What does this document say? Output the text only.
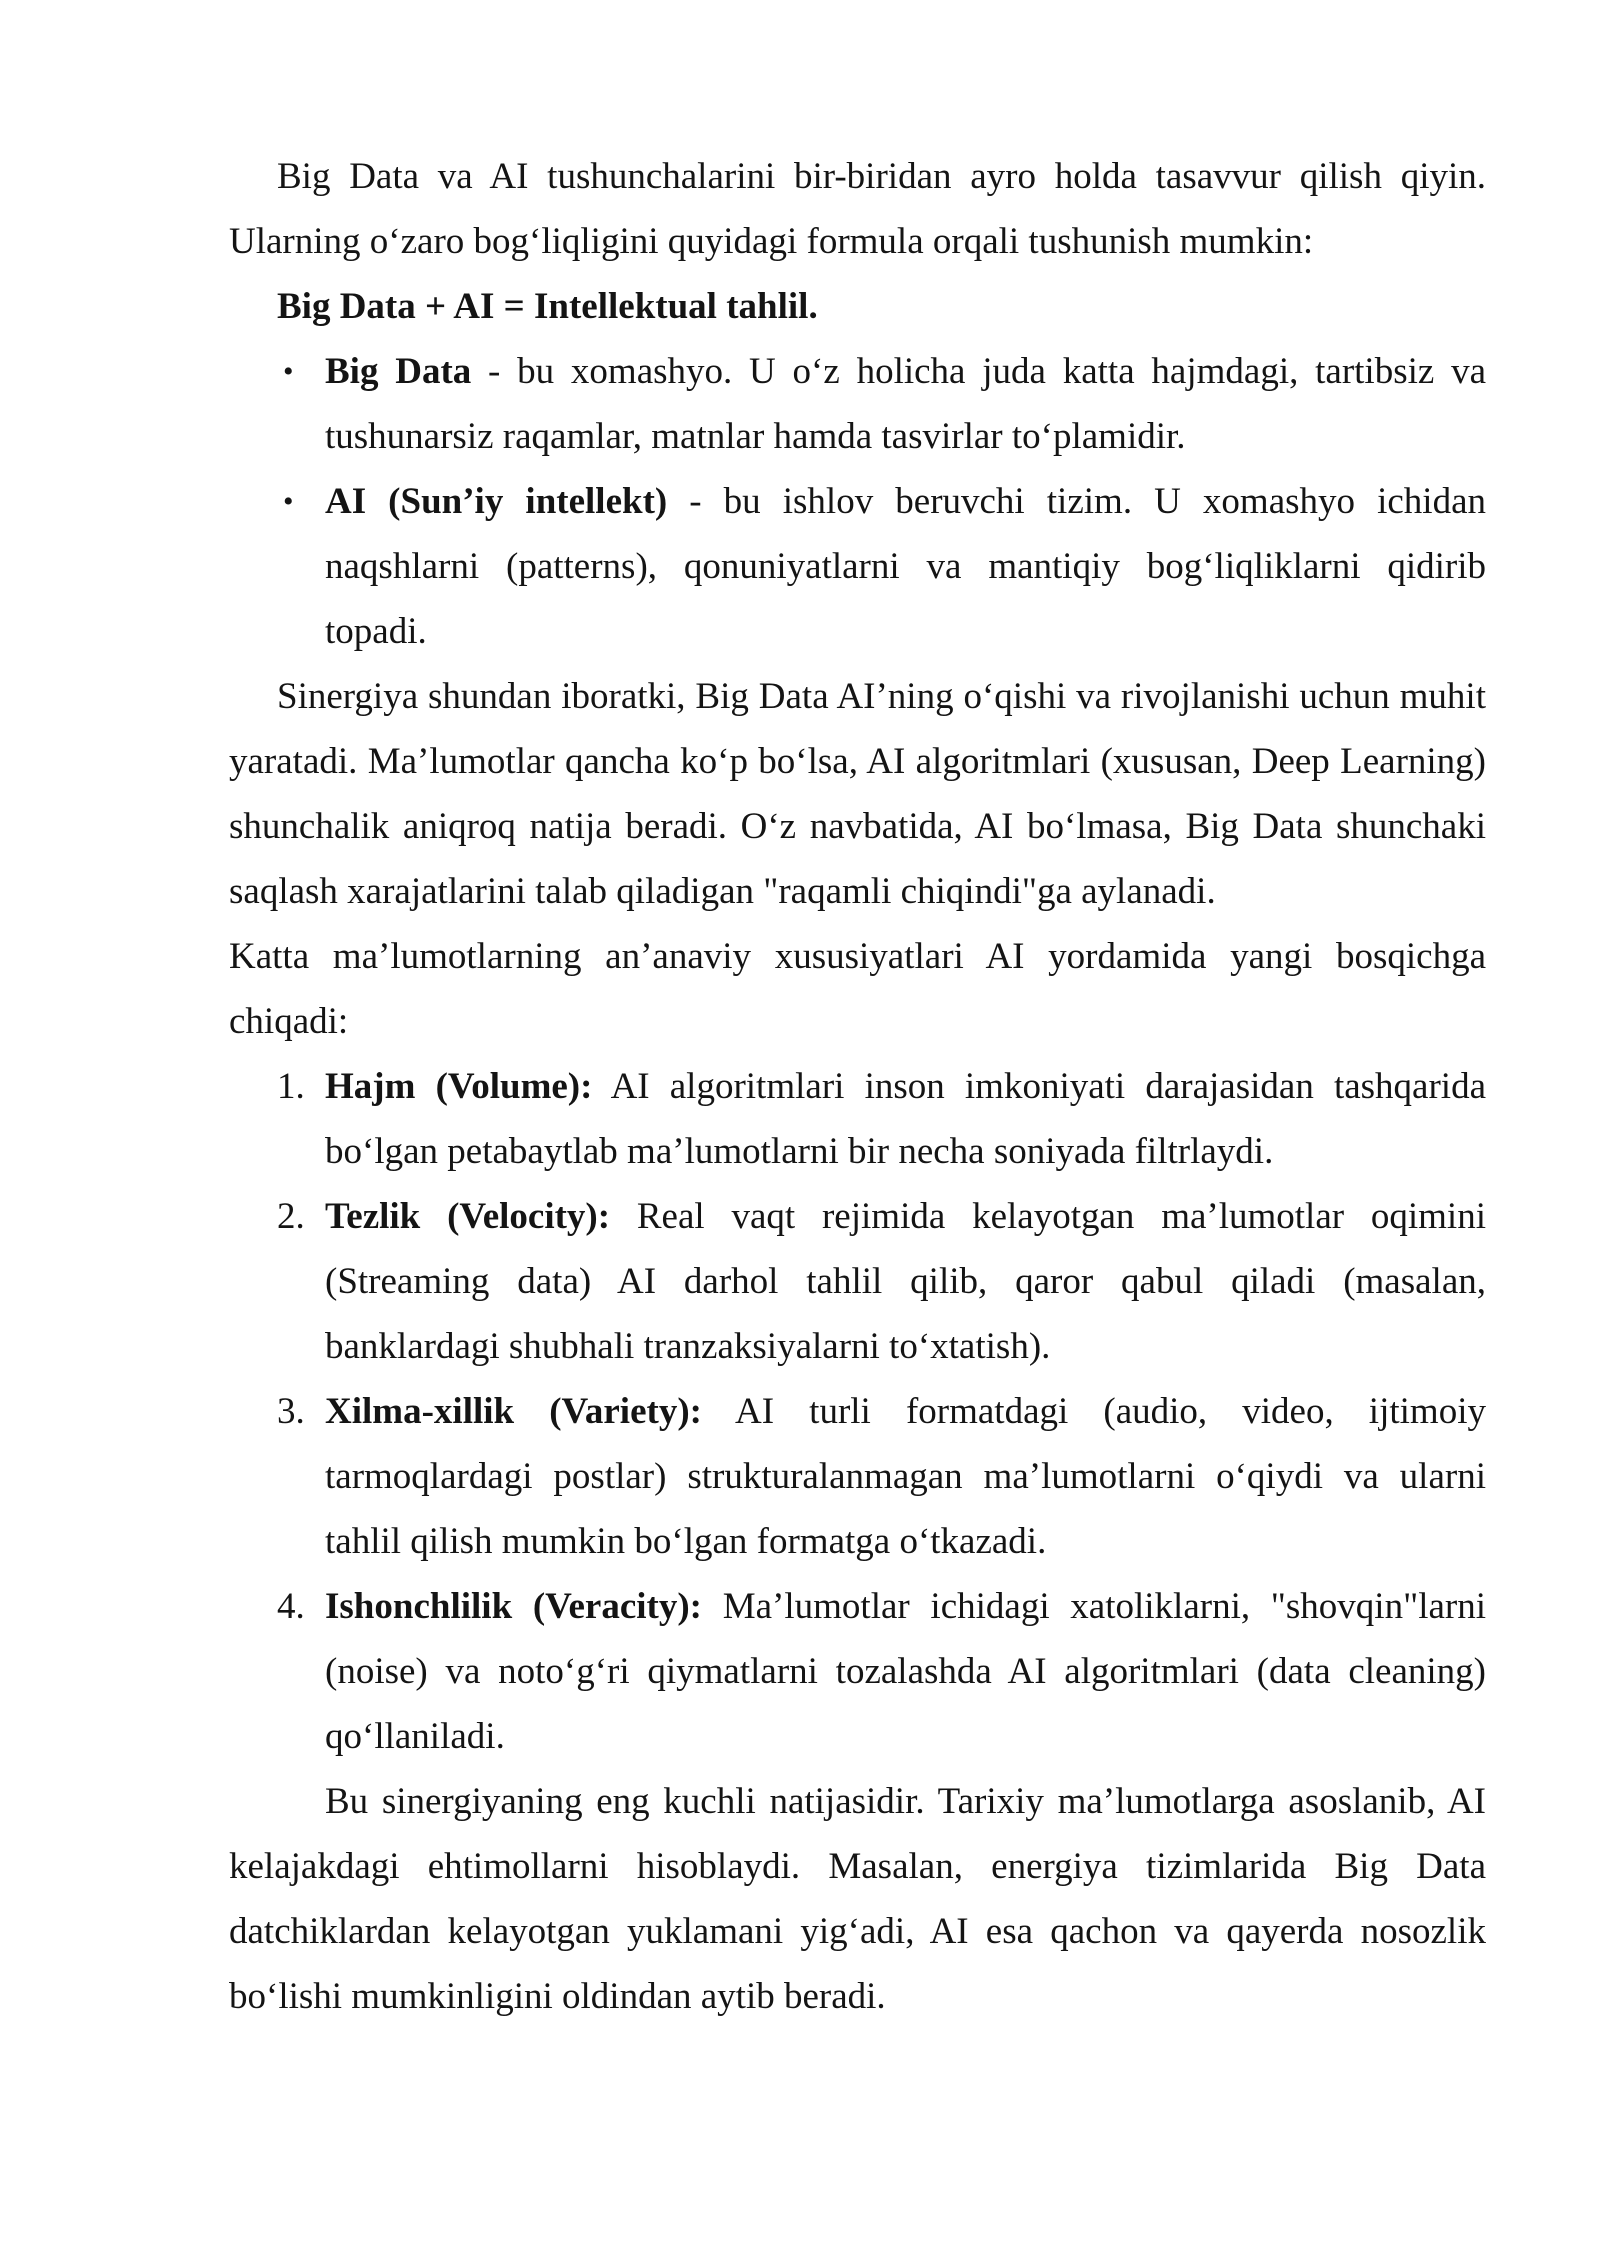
Big Data va AI tushunchalarini bir-biridan ayro holda tasavvur qilish qiyin. Ularning o‘zaro bog‘liqligini quyidagi formula orqali tushunish mumkin:

Big Data + AI = Intellektual tahlil.

• Big Data - bu xomashyo. U o‘z holicha juda katta hajmdagi, tartibsiz va tushunarsiz raqamlar, matnlar hamda tasvirlar to‘plamidir.
• AI (Sun’iy intellekt) - bu ishlov beruvchi tizim. U xomashyo ichidan naqshlarni (patterns), qonuniyatlarni va mantiqiy bog‘liqliklarni qidirib topadi.

Sinergiya shundan iboratki, Big Data AI’ning o‘qishi va rivojlanishi uchun muhit yaratadi. Ma’lumotlar qancha ko‘p bo‘lsa, AI algoritmlari (xususan, Deep Learning) shunchalik aniqroq natija beradi. O‘z navbatida, AI bo‘lmasa, Big Data shunchaki saqlash xarajatlarini talab qiladigan "raqamli chiqindi"ga aylanadi.

Katta ma’lumotlarning an’anaviy xususiyatlari AI yordamida yangi bosqichga chiqadi:

1. Hajm (Volume): AI algoritmlari inson imkoniyati darajasidan tashqarida bo‘lgan petabaytlab ma’lumotlarni bir necha soniyada filtrlaydi.
2. Tezlik (Velocity): Real vaqt rejimida kelayotgan ma’lumotlar oqimini (Streaming data) AI darhol tahlil qilib, qaror qabul qiladi (masalan, banklardagi shubhali tranzaksiyalarni to‘xtatish).
3. Xilma-xillik (Variety): AI turli formatdagi (audio, video, ijtimoiy tarmoqlardagi postlar) strukturalanmagan ma’lumotlarni o‘qiydi va ularni tahlil qilish mumkin bo‘lgan formatga o‘tkazadi.
4. Ishonchlilik (Veracity): Ma’lumotlar ichidagi xatoliklarni, "shovqin"larni (noise) va noto‘g‘ri qiymatlarni tozalashda AI algoritmlari (data cleaning) qo‘llaniladi.

Bu sinergiyaning eng kuchli natijasidir. Tarixiy ma’lumotlarga asoslanib, AI kelajakdagi ehtimollarni hisoblaydi. Masalan, energiya tizimlarida Big Data datchiklardan kelayotgan yuklamani yig‘adi, AI esa qachon va qayerda nosozlik bo‘lishi mumkinligini oldindan aytib beradi.
